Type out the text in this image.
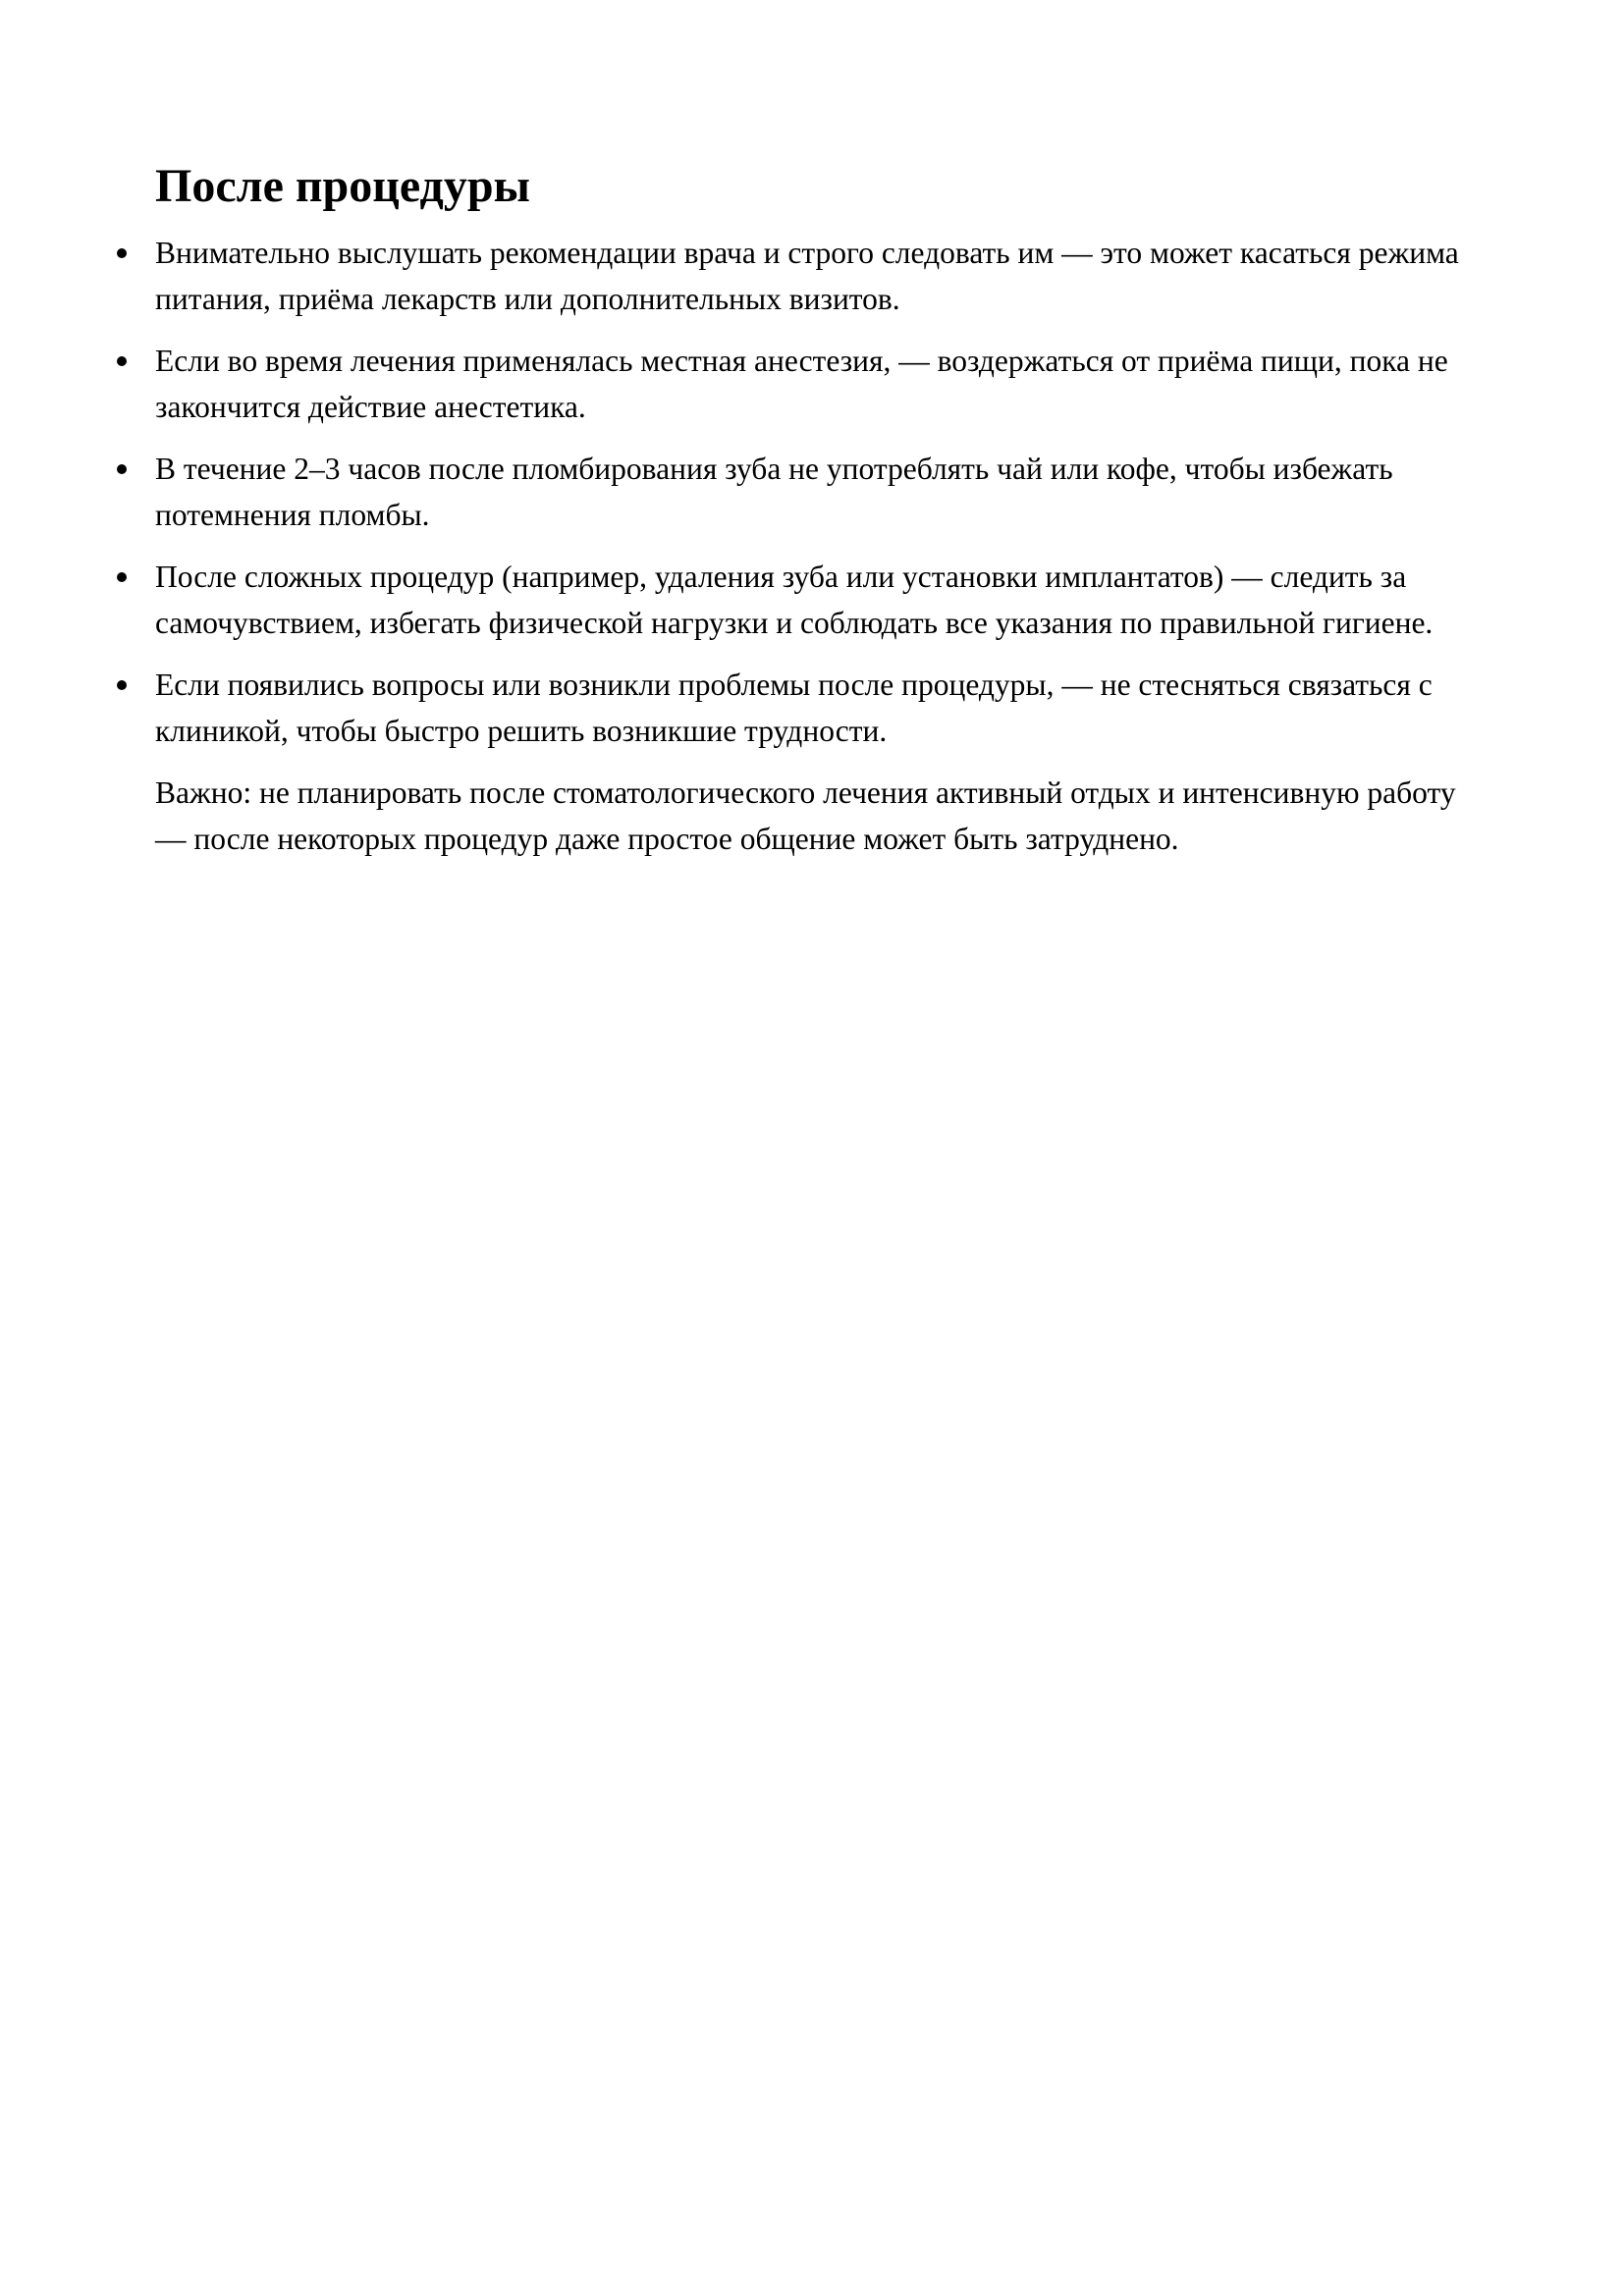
После процедуры
Внимательно выслушать рекомендации врача и строго следовать им — это может касаться режима питания, приёма лекарств или дополнительных визитов.
Если во время лечения применялась местная анестезия, — воздержаться от приёма пищи, пока не закончится действие анестетика.
В течение 2–3 часов после пломбирования зуба не употреблять чай или кофе, чтобы избежать потемнения пломбы.
После сложных процедур (например, удаления зуба или установки имплантатов) — следить за самочувствием, избегать физической нагрузки и соблюдать все указания по правильной гигиене.
Если появились вопросы или возникли проблемы после процедуры, — не стесняться связаться с клиникой, чтобы быстро решить возникшие трудности.

Важно: не планировать после стоматологического лечения активный отдых и интенсивную работу — после некоторых процедур даже простое общение может быть затруднено.
